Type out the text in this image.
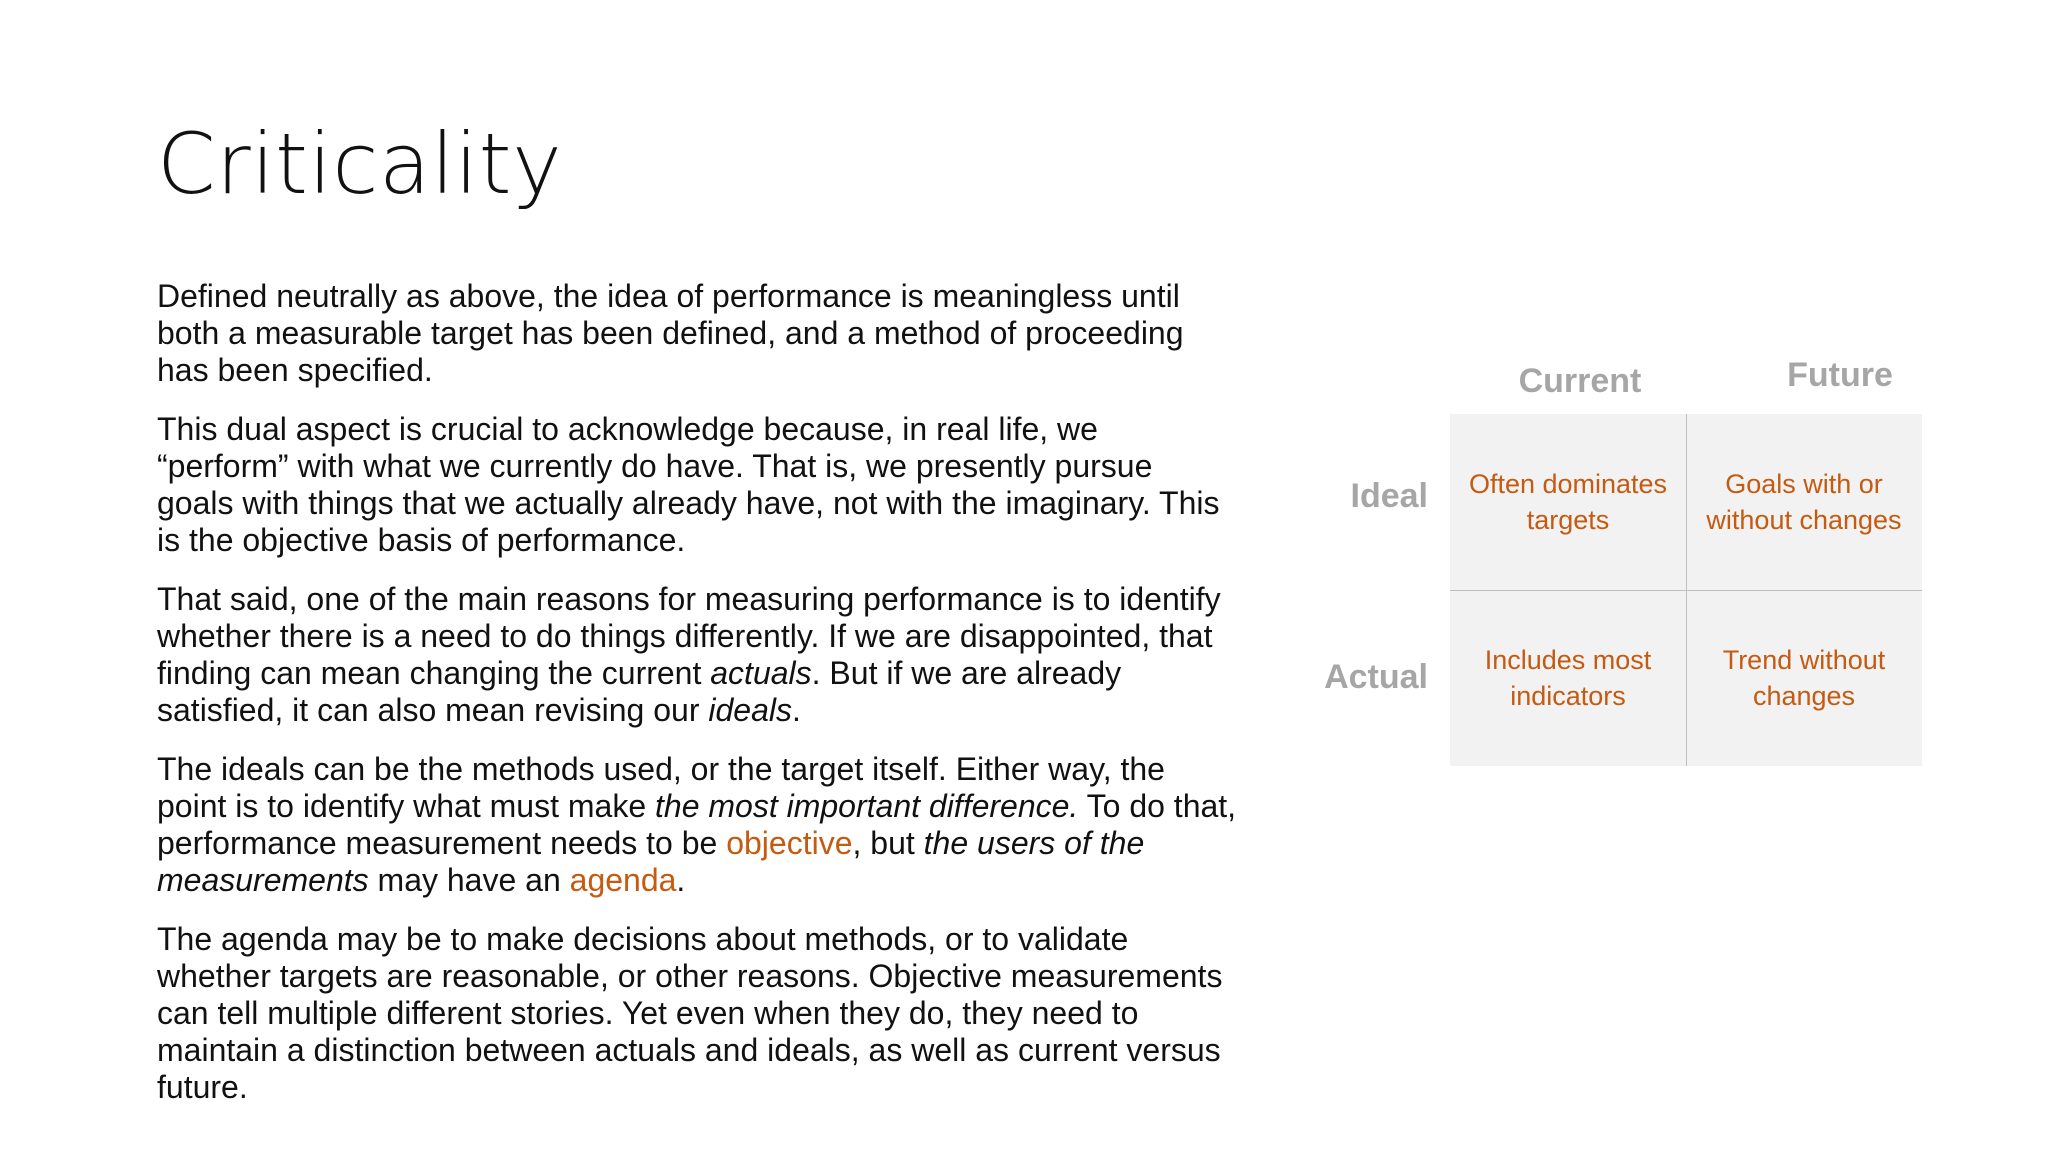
Criticality

Defined neutrally as above, the idea of performance is meaningless until both a measurable target has been defined, and a method of proceeding has been specified.

This dual aspect is crucial to acknowledge because, in real life, we “perform” with what we currently do have. That is, we presently pursue goals with things that we actually already have, not with the imaginary. This is the objective basis of performance.

That said, one of the main reasons for measuring performance is to identify whether there is a need to do things differently. If we are disappointed, that finding can mean changing the current actuals. But if we are already satisfied, it can also mean revising our ideals.

The ideals can be the methods used, or the target itself. Either way, the point is to identify what must make the most important difference. To do that, performance measurement needs to be objective, but the users of the measurements may have an agenda.

The agenda may be to make decisions about methods, or to validate whether targets are reasonable, or other reasons. Objective measurements can tell multiple different stories. Yet even when they do, they need to maintain a distinction between actuals and ideals, as well as current versus future.

Current	Future
Ideal
Actual
Often dominates targets
Goals with or without changes
Includes most indicators
Trend without changes
